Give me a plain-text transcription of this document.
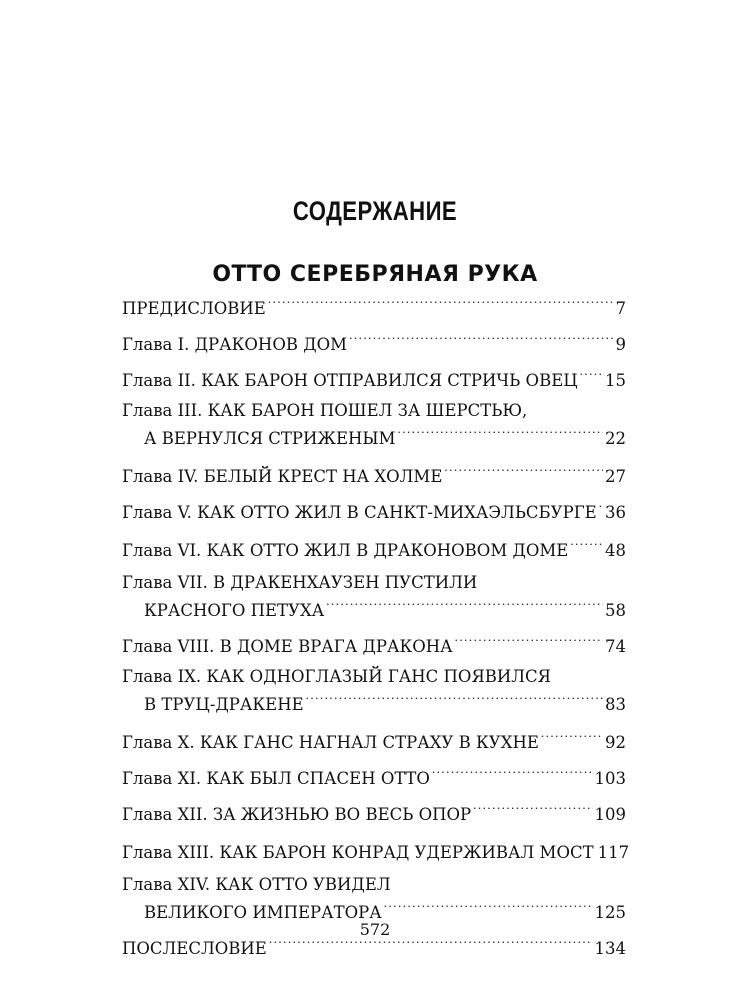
СОДЕРЖАНИЕ
ОТТО СЕРЕБРЯНАЯ РУКА
ПРЕДИСЛОВИЕ .....	7
Глава I. ДРАКОНОВ ДОМ .....	9
Глава II. КАК БАРОН ОТПРАВИЛСЯ СТРИЧЬ ОВЕЦ ..... 15
Глава III. КАК БАРОН ПОШЕЛ ЗА ШЕРСТЬЮ,
А ВЕРНУЛСЯ СТРИЖЕНЫМ .....	22
Глава IV. БЕЛЫЙ КРЕСТ НА ХОЛМЕ .....	27
Глава V. КАК ОТТО ЖИЛ В САНКТ-МИХАЭЛЬСБУРГЕ ..... 36
Глава VI. КАК ОТТО ЖИЛ В ДРАКОНОВОМ ДОМЕ ..... 48
Глава VII. В ДРАКЕНХАУЗЕН ПУСТИЛИ
КРАСНОГО ПЕТУХА .....	58
Глава VIII. В ДОМЕ ВРАГА ДРАКОНА .....	74
Глава IX. КАК ОДНОГЛАЗЫЙ ГАНС ПОЯВИЛСЯ
В ТРУЦ-ДРАКЕНЕ .....	83
Глава X. КАК ГАНС НАГНАЛ СТРАХУ В КУХНЕ .....	92
Глава XI. КАК БЫЛ СПАСЕН ОТТО .....	103
Глава XII. ЗА ЖИЗНЬЮ ВО ВЕСЬ ОПОР .....	109
Глава XIII. КАК БАРОН КОНРАД УДЕРЖИВАЛ МОСТ 117
Глава XIV. КАК ОТТО УВИДЕЛ
ВЕЛИКОГО ИМПЕРАТОРА .....	125
ПОСЛЕСЛОВИЕ .....	134
572
